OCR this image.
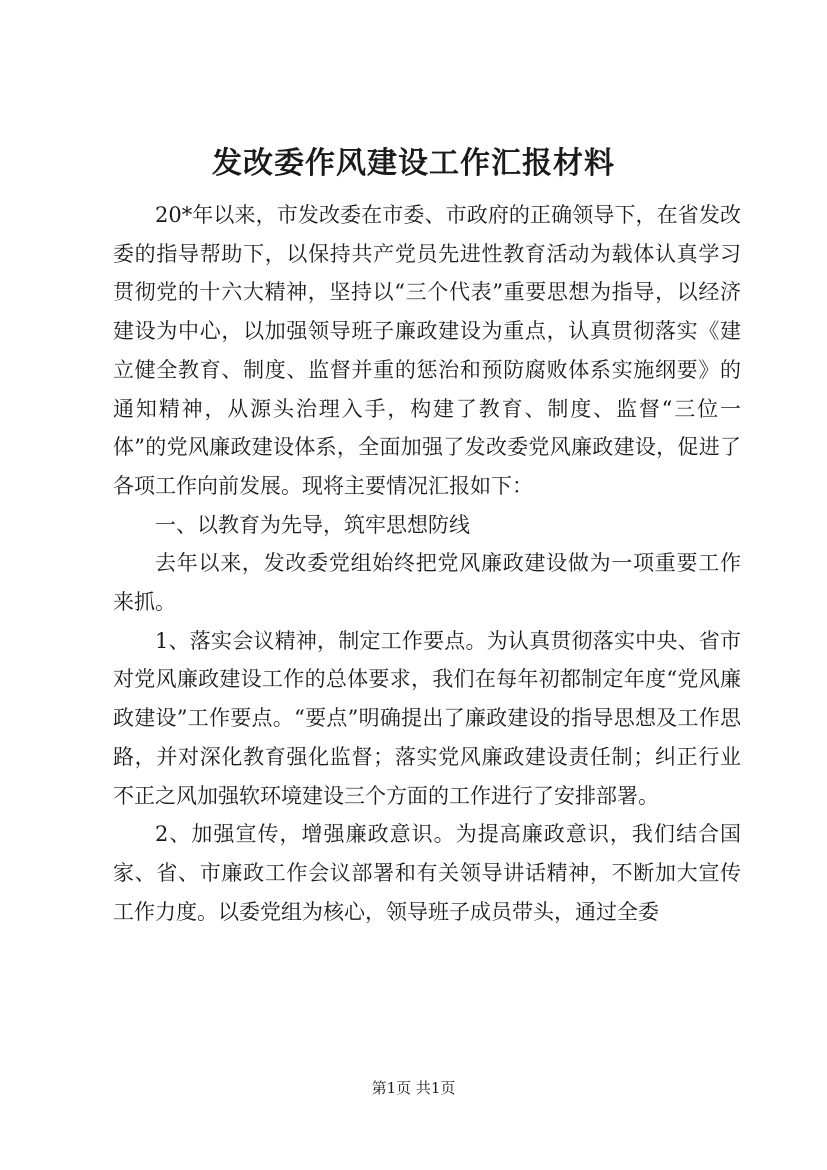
发改委作风建设工作汇报材料

20*年以来，市发改委在市委、市政府的正确领导下，在省发改委的指导帮助下，以保持共产党员先进性教育活动为载体认真学习贯彻党的十六大精神，坚持以“三个代表”重要思想为指导，以经济建设为中心，以加强领导班子廉政建设为重点，认真贯彻落实《建立健全教育、制度、监督并重的惩治和预防腐败体系实施纲要》的通知精神，从源头治理入手，构建了教育、制度、监督“三位一体”的党风廉政建设体系，全面加强了发改委党风廉政建设，促进了各项工作向前发展。现将主要情况汇报如下：

一、以教育为先导，筑牢思想防线

去年以来，发改委党组始终把党风廉政建设做为一项重要工作来抓。

1、落实会议精神，制定工作要点。为认真贯彻落实中央、省市对党风廉政建设工作的总体要求，我们在每年初都制定年度“党风廉政建设”工作要点。“要点”明确提出了廉政建设的指导思想及工作思路，并对深化教育强化监督；落实党风廉政建设责任制；纠正行业不正之风加强软环境建设三个方面的工作进行了安排部署。

2、加强宣传，增强廉政意识。为提高廉政意识，我们结合国家、省、市廉政工作会议部署和有关领导讲话精神，不断加大宣传工作力度。以委党组为核心，领导班子成员带头，通过全委

第1页 共1页
